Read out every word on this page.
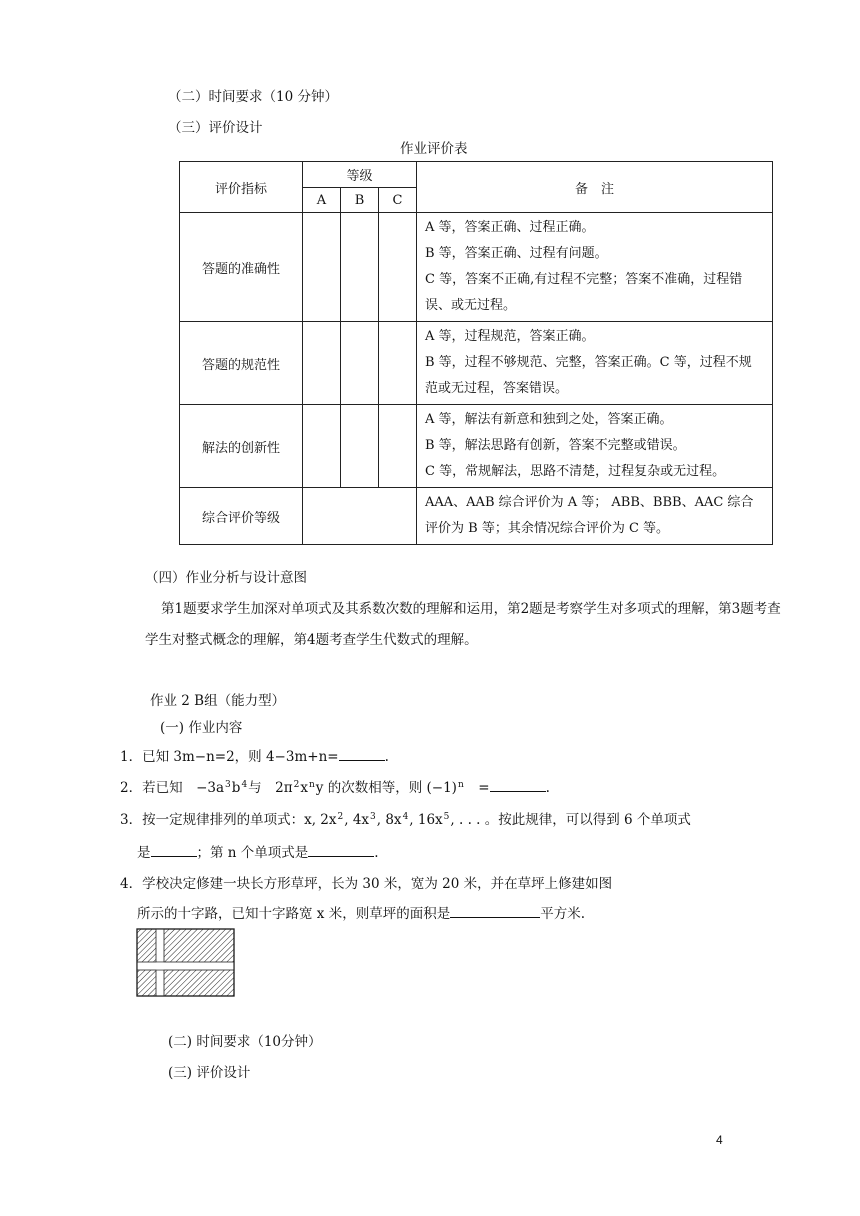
（二）时间要求（10 分钟）
（三）评价设计
作业评价表
评价指标	等级			备　注
	A	B	C	
答题的准确性				A 等，答案正确、过程正确。
B 等，答案正确、过程有问题。
C 等，答案不正确,有过程不完整；答案不准确，过程错误、或无过程。

答题的规范性				A 等，过程规范，答案正确。
B 等，过程不够规范、完整，答案正确。C 等，过程不规范或无过程，答案错误。

解法的创新性				A 等，解法有新意和独到之处，答案正确。
B 等，解法思路有创新，答案不完整或错误。
C 等，常规解法，思路不清楚，过程复杂或无过程。

综合评价等级				AAA、AAB 综合评价为 A 等； ABB、BBB、AAC 综合评价为 B 等；其余情况综合评价为 C 等。
（四）作业分析与设计意图
第1题要求学生加深对单项式及其系数次数的理解和运用，第2题是考察学生对多项式的理解，第3题考查学生对整式概念的理解，第4题考查学生代数式的理解。
作业 2 B组（能力型）
(一) 作业内容
1．已知 3m−n=2，则 4−3m+n=	.
2．若已知　$-3a^3b^4$与　$2\pi^2x^ny$ 的次数相等，则 $(-1)^n$　=	.
3．按一定规律排列的单项式：x, $2x^2$, $4x^3$, $8x^4$, $16x^5$, . . . 。按此规律，可以得到 6 个单项式
是	；第 n 个单项式是	.
4．学校决定修建一块长方形草坪，长为 30 米，宽为 20 米，并在草坪上修建如图
所示的十字路，已知十字路宽 x 米，则草坪的面积是	平方米.
(二) 时间要求（10分钟）
(三) 评价设计
4
